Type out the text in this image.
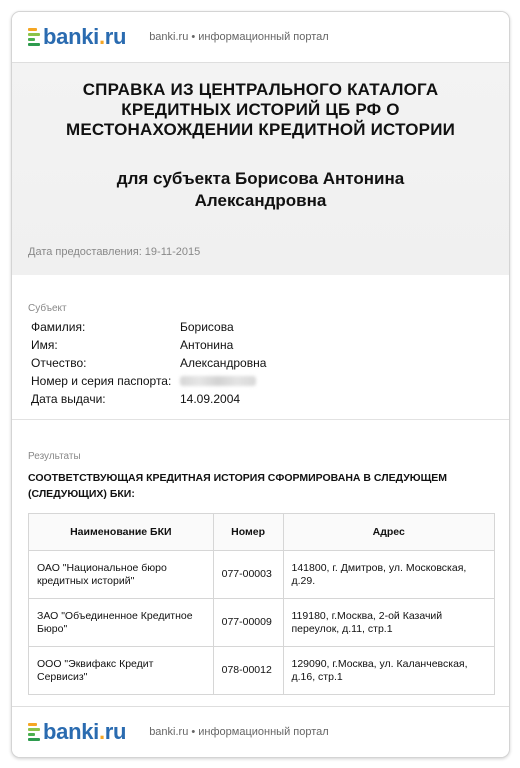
banki.ru banki.ru • информационный портал
СПРАВКА ИЗ ЦЕНТРАЛЬНОГО КАТАЛОГА КРЕДИТНЫХ ИСТОРИЙ ЦБ РФ О МЕСТОНАХОЖДЕНИИ КРЕДИТНОЙ ИСТОРИИ
для субъекта Борисова Антонина Александровна
Дата предоставления: 19-11-2015
Субъект
Фамилия:	Борисова
Имя:	Антонина
Отчество:	Александровна
Номер и серия паспорта:
Дата выдачи:	14.09.2004
Результаты
СООТВЕТСТВУЮЩАЯ КРЕДИТНАЯ ИСТОРИЯ СФОРМИРОВАНА В СЛЕДУЮЩЕМ (СЛЕДУЮЩИХ) БКИ:
Наименование БКИ	Номер	Адрес
ОАО "Национальное бюро кредитных историй"	077-00003	141800, г. Дмитров, ул. Московская, д.29.
ЗАО "Объединенное Кредитное Бюро"	077-00009	119180, г.Москва, 2-ой Казачий переулок, д.11, стр.1
ООО "Эквифакс Кредит Сервисиз"	078-00012	129090, г.Москва, ул. Каланчевская, д.16, стр.1
banki.ru banki.ru • информационный портал
